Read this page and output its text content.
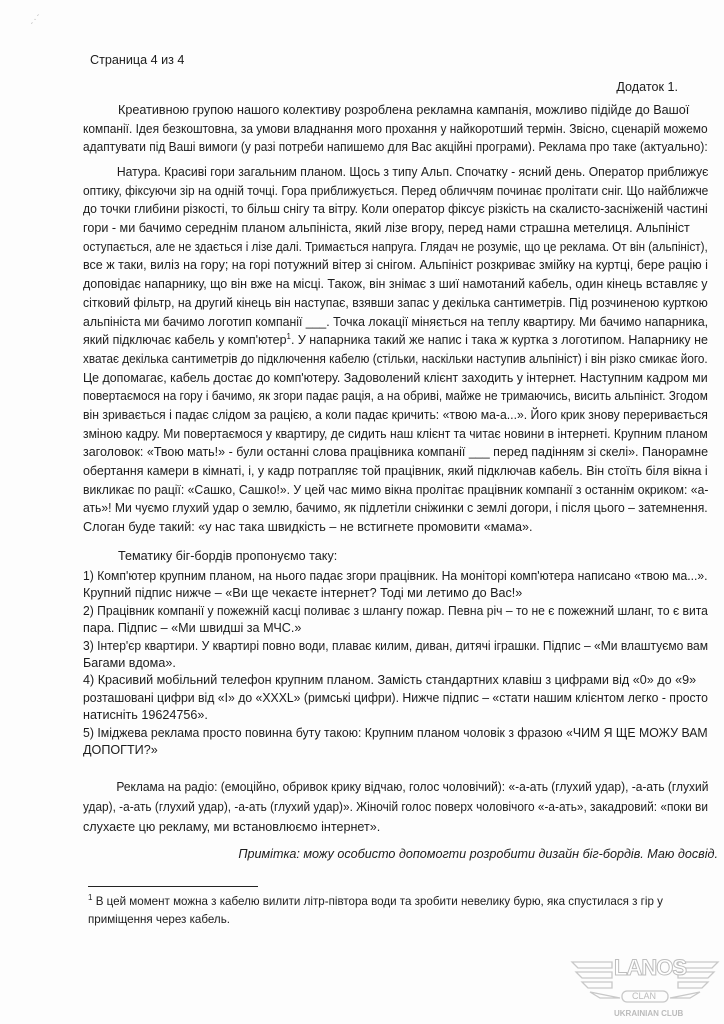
ˏ·´
Страница 4 из 4
Додаток 1.
Креативною групою нашого колективу розроблена рекламна кампанія, можливо підійде до Вашої
компанії. Ідея безкоштовна, за умови владнання мого прохання у найкоротший термін. Звісно, сценарій можемо
адаптувати під Ваші вимоги (у разі потреби напишемо для Вас акційні програми). Реклама про таке (актуально):
Натура. Красиві гори загальним планом. Щось з типу Альп. Спочатку - ясний день. Оператор приближує
оптику, фіксуючи зір на одній точці. Гора приближується. Перед обличчям починає пролітати сніг. Що найближче
до точки глибини різкості, то більш снігу та вітру. Коли оператор фіксує різкість на скалисто-засніженій частині
гори - ми бачимо середнім планом альпініста, який лізе вгору, перед нами страшна метелиця. Альпініст
оступається, але не здається і лізе далі. Тримається напруга. Глядач не розуміє, що це реклама. От він (альпініст),
все ж таки, виліз на гору; на горі потужний вітер зі снігом. Альпініст розкриває змійку на куртці, бере рацію і
доповідає напарнику, що він вже на місці. Також, він знімає з шиї намотаний кабель, один кінець вставляє у
сітковий фільтр, на другий кінець він наступає, взявши запас у декілька сантиметрів. Під розчиненою курткою
альпініста ми бачимо логотип компанії ___. Точка локації міняється на теплу квартиру. Ми бачимо напарника,
який підключає кабель у комп'ютер$^1$. У напарника такий же напис і така ж куртка з логотипом. Напарнику не
хватає декілька сантиметрів до підключення кабелю (стільки, наскільки наступив альпініст) і він різко смикає його.
Це допомагає, кабель достає до комп'ютеру. Задоволений клієнт заходить у інтернет. Наступним кадром ми
повертаємося на гору і бачимо, як згори падає рація, а на обриві, майже не тримаючись, висить альпініст. Згодом
він зривається і падає слідом за рацією, а коли падає кричить: «твою ма-а...». Його крик знову переривається
зміною кадру. Ми повертаємося у квартиру, де сидить наш клієнт та читає новини в інтернеті. Крупним планом
заголовок: «Твою мать!» - були останні слова працівника компанії ___ перед падінням зі скелі». Панорамне
обертання камери в кімнаті, і, у кадр потрапляє той працівник, який підключав кабель. Він стоїть біля вікна і
викликає по рації: «Сашко, Сашко!». У цей час мимо вікна пролітає працівник компанії з останнім окриком: «а-
ать»! Ми чуємо глухий удар о землю, бачимо, як підлетіли сніжинки с землі догори, і після цього – затемнення.
Слоган буде такий: «у нас така швидкість – не встигнете промовити «мама».
Тематику біг-бордів пропонуємо таку:
1) Комп'ютер крупним планом, на нього падає згори працівник. На моніторі комп'ютера написано «твою ма...».
Крупний підпис нижче – «Ви ще чекаєте інтернет? Тоді ми летимо до Вас!»
2) Працівник компанії у пожежній касці поливає з шлангу пожар. Певна річ – то не є пожежний шланг, то є вита
пара. Підпис – «Ми швидші за МЧС.»
3) Інтер'єр квартири. У квартирі повно води, плаває килим, диван, дитячі іграшки. Підпис – «Ми влаштуємо вам
Багами вдома».
4) Красивий мобільний телефон крупним планом. Замість стандартних клавіш з цифрами від «0» до «9»
розташовані цифри від «I» до «XXXL» (римські цифри). Нижче підпис – «стати нашим клієнтом легко - просто
натисніть 19624756».
5) Іміджева реклама просто повинна буту такою: Крупним планом чоловік з фразою «ЧИМ Я ЩЕ МОЖУ ВАМ
ДОПОГТИ?»
Реклама на радіо: (емоційно, обривок крику відчаю, голос чоловічий): «-а-ать (глухий удар), -а-ать (глухий
удар), -а-ать (глухий удар), -а-ать (глухий удар)». Жіночій голос поверх чоловічого «-а-ать», закадровий: «поки ви
слухаєте цю рекламу, ми встановлюємо інтернет».
Примітка: можу особисто допомогти розробити дизайн біг-бордів. Маю досвід.
$^1$ В цей момент можна з кабелю вилити літр-півтора води та зробити невелику бурю, яка спустилася з гір у
приміщення через кабель.
LANOS
CLAN
UKRAINIAN CLUB
